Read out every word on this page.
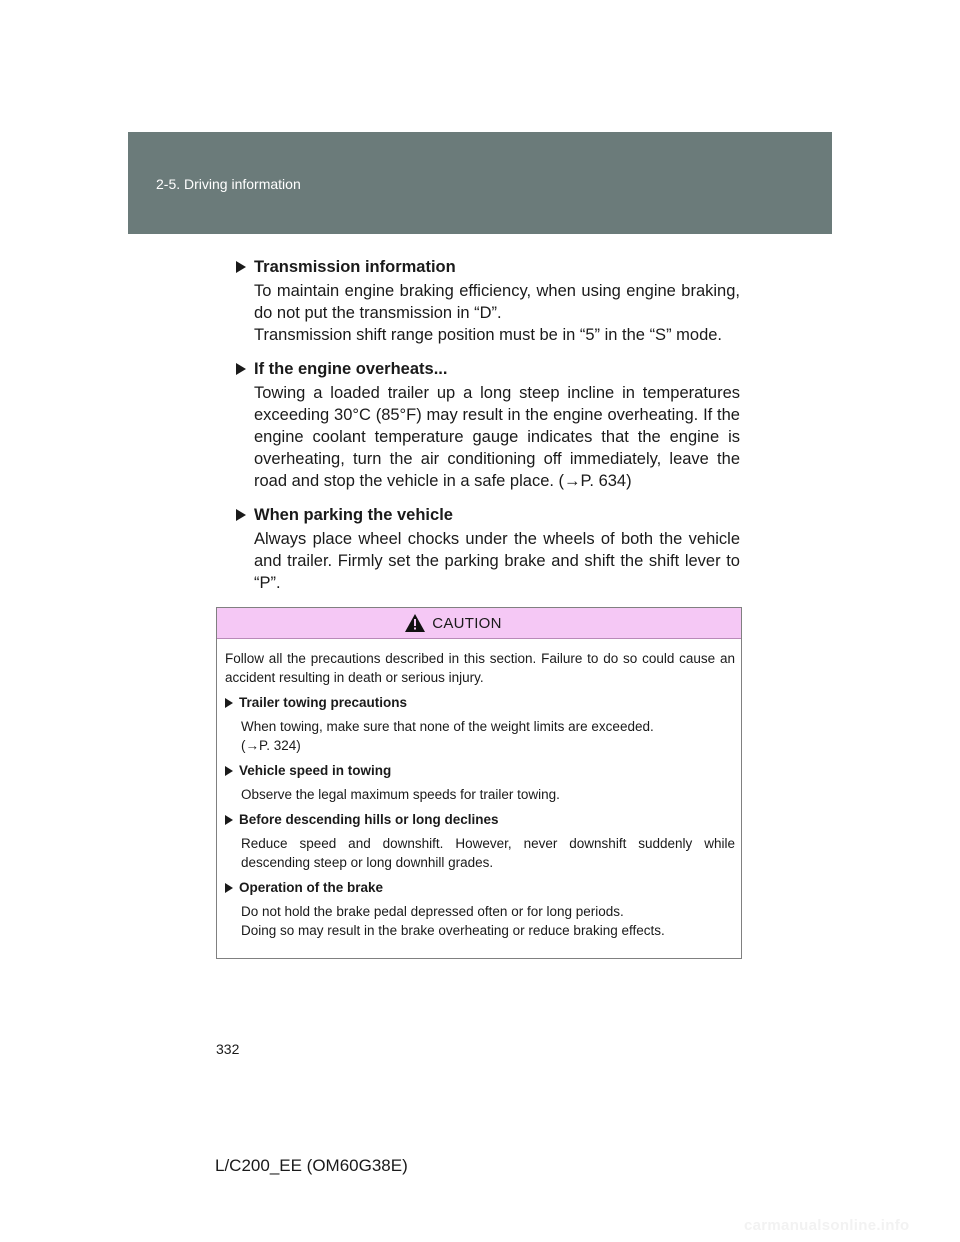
2-5. Driving information
Transmission information

To maintain engine braking efficiency, when using engine braking, do not put the transmission in “D”.

Transmission shift range position must be in “5” in the “S” mode.

If the engine overheats...

Towing a loaded trailer up a long steep incline in temperatures exceeding 30°C (85°F) may result in the engine overheating. If the engine coolant temperature gauge indicates that the engine is overheating, turn the air conditioning off immediately, leave the road and stop the vehicle in a safe place. (→P. 634)

When parking the vehicle

Always place wheel chocks under the wheels of both the vehicle and trailer. Firmly set the parking brake and shift the shift lever to “P”.

CAUTION

Follow all the precautions described in this section. Failure to do so could cause an accident resulting in death or serious injury.

Trailer towing precautions
When towing, make sure that none of the weight limits are exceeded.
(→P. 324)
Vehicle speed in towing
Observe the legal maximum speeds for trailer towing.
Before descending hills or long declines
Reduce speed and downshift. However, never downshift suddenly while descending steep or long downhill grades.
Operation of the brake
Do not hold the brake pedal depressed often or for long periods.
Doing so may result in the brake overheating or reduce braking effects.
332
L/C200_EE (OM60G38E)
carmanualsonline.info
